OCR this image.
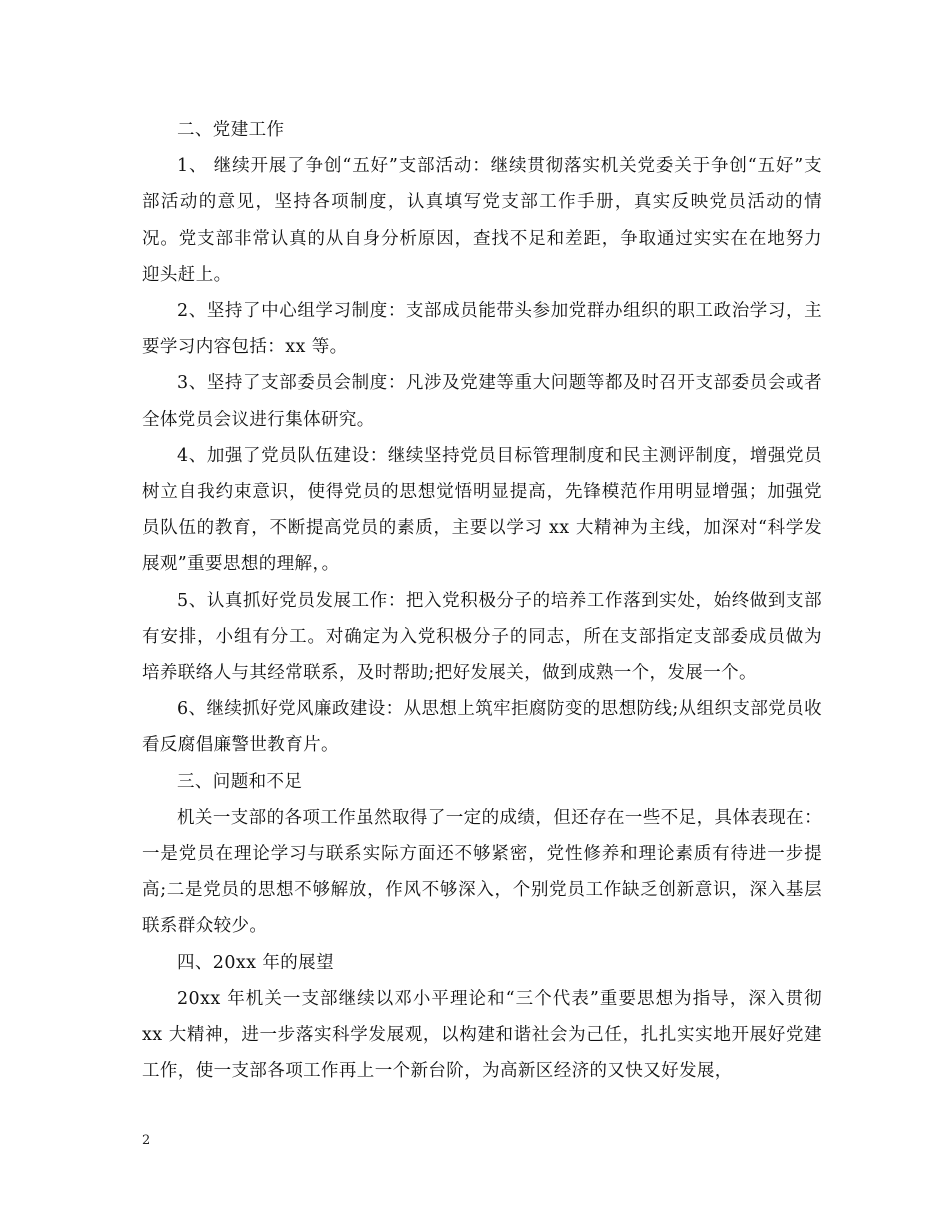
二、党建工作

1、 继续开展了争创“五好”支部活动：继续贯彻落实机关党委关于争创“五好”支部活动的意见，坚持各项制度，认真填写党支部工作手册，真实反映党员活动的情况。党支部非常认真的从自身分析原因，查找不足和差距，争取通过实实在在地努力迎头赶上。

2、坚持了中心组学习制度：支部成员能带头参加党群办组织的职工政治学习，主要学习内容包括：xx 等。

3、坚持了支部委员会制度：凡涉及党建等重大问题等都及时召开支部委员会或者全体党员会议进行集体研究。

4、加强了党员队伍建设：继续坚持党员目标管理制度和民主测评制度，增强党员树立自我约束意识，使得党员的思想觉悟明显提高，先锋模范作用明显增强；加强党员队伍的教育，不断提高党员的素质，主要以学习 xx 大精神为主线，加深对“科学发展观”重要思想的理解，。

5、认真抓好党员发展工作：把入党积极分子的培养工作落到实处，始终做到支部有安排，小组有分工。对确定为入党积极分子的同志，所在支部指定支部委成员做为培养联络人与其经常联系，及时帮助;把好发展关，做到成熟一个，发展一个。

6、继续抓好党风廉政建设：从思想上筑牢拒腐防变的思想防线;从组织支部党员收看反腐倡廉警世教育片。

三、问题和不足

机关一支部的各项工作虽然取得了一定的成绩，但还存在一些不足，具体表现在：一是党员在理论学习与联系实际方面还不够紧密，党性修养和理论素质有待进一步提高;二是党员的思想不够解放，作风不够深入，个别党员工作缺乏创新意识，深入基层联系群众较少。

四、20xx 年的展望

20xx 年机关一支部继续以邓小平理论和“三个代表”重要思想为指导，深入贯彻 xx 大精神，进一步落实科学发展观，以构建和谐社会为己任，扎扎实实地开展好党建工作，使一支部各项工作再上一个新台阶，为高新区经济的又快又好发展，

2
